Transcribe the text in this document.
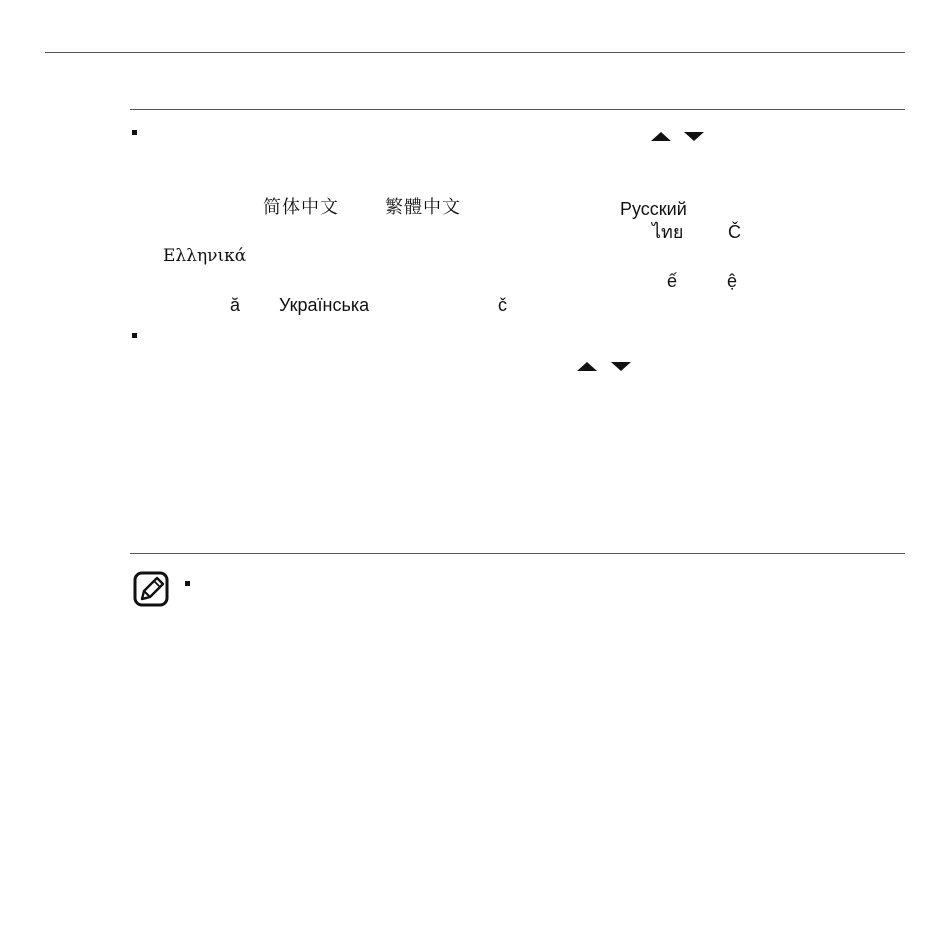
简体中文	繁體中文	Русский
ไทย Č
Ελληνικά
ế	ệ
ă Українська	č
